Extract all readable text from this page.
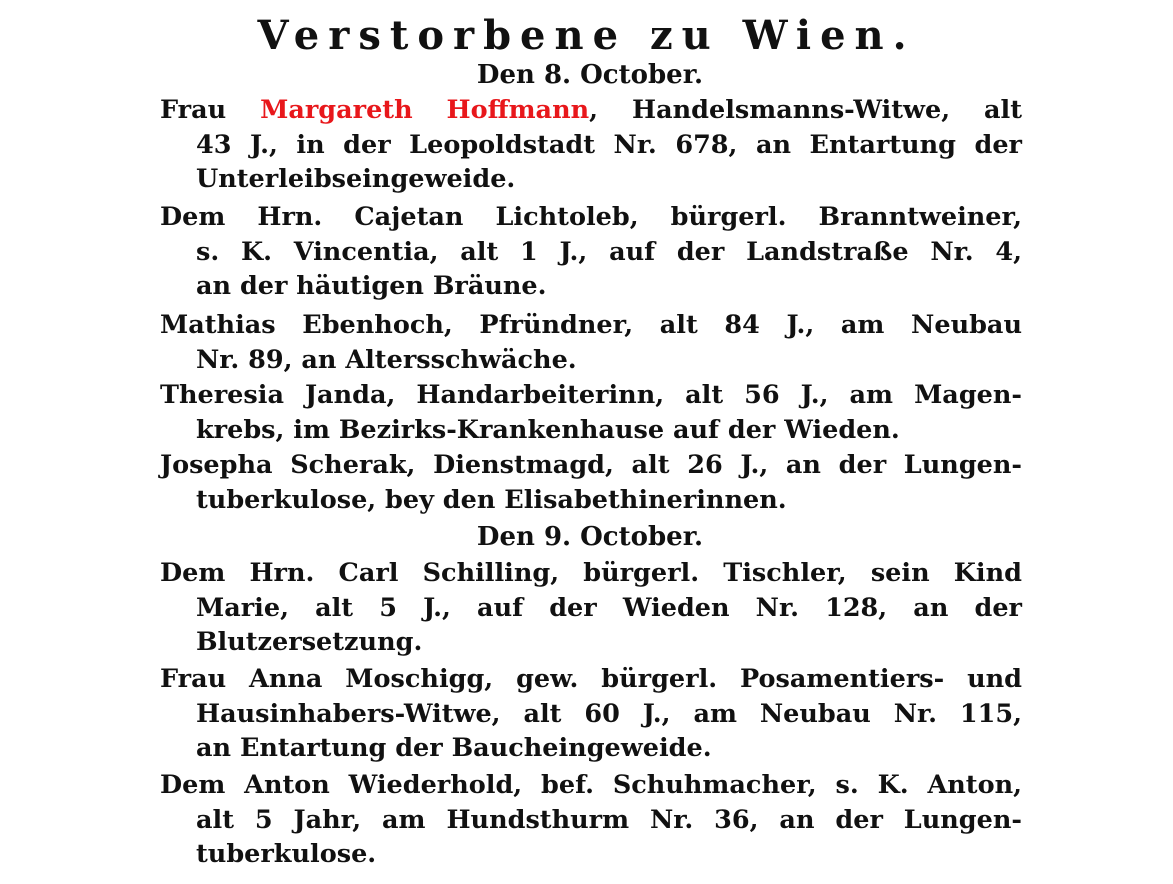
Verstorbene zu Wien.
Den 8. October.
Frau Margareth Hoffmann, Handelsmanns-Witwe, alt
43 J., in der Leopoldstadt Nr. 678, an Entartung der
Unterleibseingeweide.
Dem Hrn. Cajetan Lichtoleb, bürgerl. Branntweiner,
s. K. Vincentia, alt 1 J., auf der Landstraße Nr. 4,
an der häutigen Bräune.
Mathias Ebenhoch, Pfründner, alt 84 J., am Neubau
Nr. 89, an Altersschwäche.
Theresia Janda, Handarbeiterinn, alt 56 J., am Magen-
krebs, im Bezirks-Krankenhause auf der Wieden.
Josepha Scherak, Dienstmagd, alt 26 J., an der Lungen-
tuberkulose, bey den Elisabethinerinnen.
Den 9. October.
Dem Hrn. Carl Schilling, bürgerl. Tischler, sein Kind
Marie, alt 5 J., auf der Wieden Nr. 128, an der
Blutzersetzung.
Frau Anna Moschigg, gew. bürgerl. Posamentiers- und
Hausinhabers-Witwe, alt 60 J., am Neubau Nr. 115,
an Entartung der Baucheingeweide.
Dem Anton Wiederhold, bef. Schuhmacher, s. K. Anton,
alt 5 Jahr, am Hundsthurm Nr. 36, an der Lungen-
tuberkulose.
